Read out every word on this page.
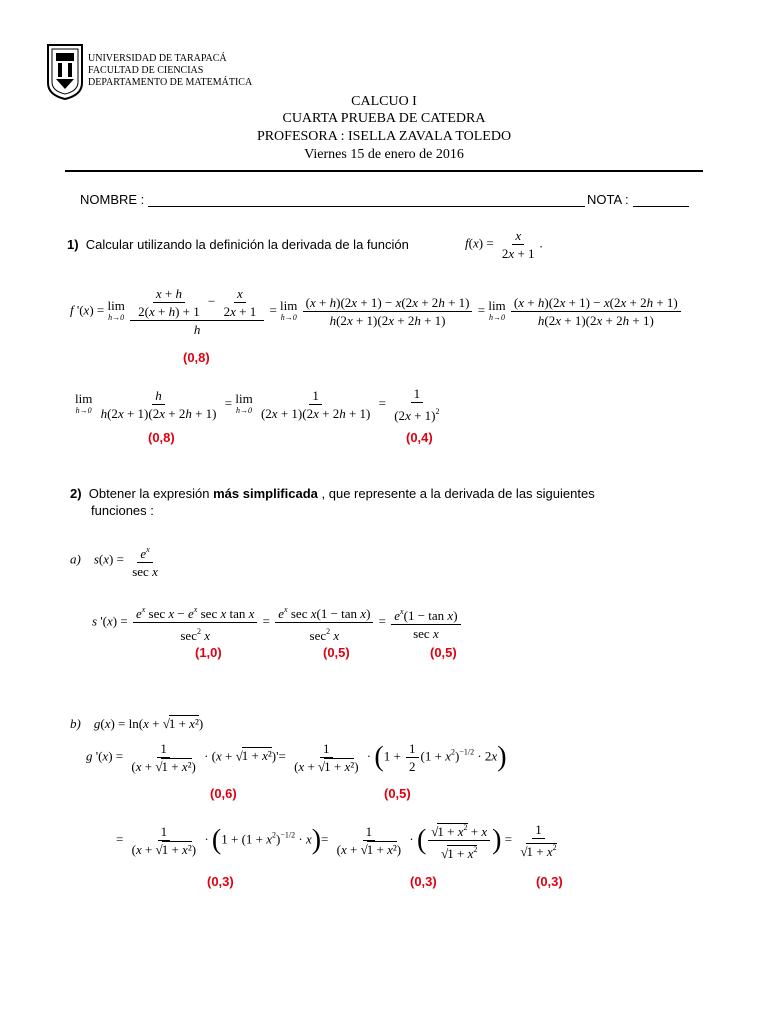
UNIVERSIDAD DE TARAPACÁ
FACULTAD DE CIENCIAS
DEPARTAMENTO DE MATEMÁTICA
CALCUO I
CUARTA PRUEBA DE CATEDRA
PROFESORA : ISELLA ZAVALA TOLEDO
Viernes 15 de enero de 2016
NOMBRE :	NOTA :
1) Calcular utilizando la definición la derivada de la función	$f(x) = \frac{x}{2x + 1}$ .
f '(x) = lim
h→0
$\frac{\frac{x + h}{2(x + h) + 1} - \frac{x}{2x + 1}}{h} = \lim$
h→0
$\frac{(x + h)(2x + 1) - x(2x + 2h + 1)}{h(2x + 1)(2x + 2h + 1)} = \lim$
h→0
$\frac{(x + h)(2x + 1) - x(2x + 2h + 1)}{h(2x + 1)(2x + 2h + 1)}$
(0,8)
lim
h→0
$\frac{h}{h(2x + 1)(2x + 2h + 1)} = \lim$
h→0
$\frac{1}{(2x + 1)(2x + 2h + 1)} = \frac{1}{(2x + 1)^2}$
(0,8)	(0,4)
2) Obtener la expresión más simplificada , que represente a la derivada de las siguientes
funciones :
a) $s(x) = \frac{e^x}{\text{sec x}}$
s '$(x) = \frac{e^x \sec x - e^x \sec x \tan x}{\sec^2 x} = \frac{e^x \sec x(1 - \tan x)}{\sec^2 x} = \frac{e^x(1 - \tan x)}{\text{sec x}}$
(1,0)	(0,5)	(0,5)
b) g(x) = ln(x + √1 + x²)
g '$(x) = \frac{1}{\text{(x + √1 + x²)}} \cdot (x + √1 + x^2)'= \frac{1}{\text{(x + √1 + x²)}} \cdot (1 + \frac{1}{2} (1 + x^2)^{-1/2} \cdot 2x)$
(0,6)	(0,5)
= $\frac{1}{\text{(x + √1 + x²)}} \cdot (1 + (1 + x^2)^{-1/2} \cdot x)= \frac{1}{\text{(x + √1 + x²)}}$ · ( $\frac{√1 + x^2 + x}{√1 + x^2}$ ) = $\frac{1}{√1 + x^2}$
(0,3)	(0,3)	(0,3)
